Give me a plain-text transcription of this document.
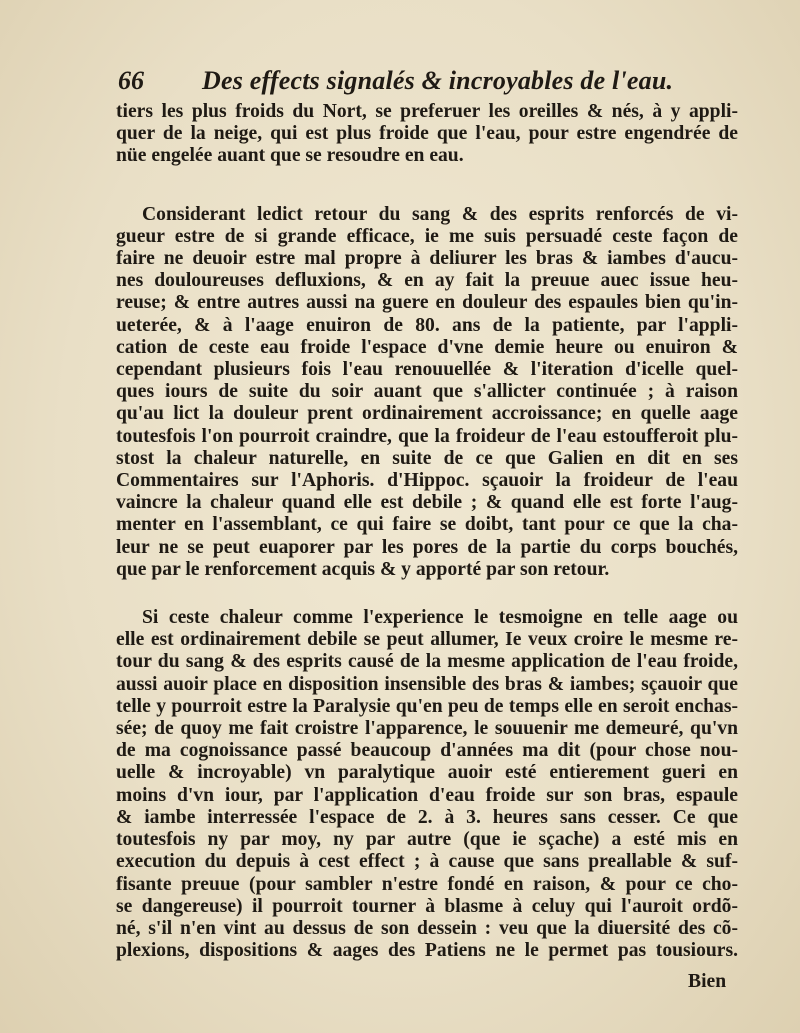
66 Des effects signalés & incroyables de l'eau.
tiers les plus froids du Nort, se preferuer les oreilles & nés, à y appli-
quer de la neige, qui est plus froide que l'eau, pour estre engendrée de
nüe engelée auant que se resoudre en eau.
Considerant ledict retour du sang & des esprits renforcés de vi-
gueur estre de si grande efficace, ie me suis persuadé ceste façon de
faire ne deuoir estre mal propre à deliurer les bras & iambes d'aucu-
nes douloureuses defluxions, & en ay fait la preuue auec issue heu-
reuse; & entre autres aussi na guere en douleur des espaules bien qu'in-
ueterée, & à l'aage enuiron de 80. ans de la patiente, par l'appli-
cation de ceste eau froide l'espace d'vne demie heure ou enuiron &
cependant plusieurs fois l'eau renouuellée & l'iteration d'icelle quel-
ques iours de suite du soir auant que s'allicter continuée ; à raison
qu'au lict la douleur prent ordinairement accroissance; en quelle aage
toutesfois l'on pourroit craindre, que la froideur de l'eau estoufferoit plu-
stost la chaleur naturelle, en suite de ce que Galien en dit en ses
Commentaires sur l'Aphoris. d'Hippoc. sçauoir la froideur de l'eau
vaincre la chaleur quand elle est debile ; & quand elle est forte l'aug-
menter en l'assemblant, ce qui faire se doibt, tant pour ce que la cha-
leur ne se peut euaporer par les pores de la partie du corps bouchés,
que par le renforcement acquis & y apporté par son retour.
Si ceste chaleur comme l'experience le tesmoigne en telle aage ou
elle est ordinairement debile se peut allumer, Ie veux croire le mesme re-
tour du sang & des esprits causé de la mesme application de l'eau froide,
aussi auoir place en disposition insensible des bras & iambes; sçauoir que
telle y pourroit estre la Paralysie qu'en peu de temps elle en seroit enchas-
sée; de quoy me fait croistre l'apparence, le souuenir me demeuré, qu'vn
de ma cognoissance passé beaucoup d'années ma dit (pour chose nou-
uelle & incroyable) vn paralytique auoir esté entierement gueri en
moins d'vn iour, par l'application d'eau froide sur son bras, espaule
& iambe interressée l'espace de 2. à 3. heures sans cesser. Ce que
toutesfois ny par moy, ny par autre (que ie sçache) a esté mis en
execution du depuis à cest effect ; à cause que sans preallable & suf-
fisante preuue (pour sambler n'estre fondé en raison, & pour ce cho-
se dangereuse) il pourroit tourner à blasme à celuy qui l'auroit ordõ-
né, s'il n'en vint au dessus de son dessein : veu que la diuersité des cõ-
plexions, dispositions & aages des Patiens ne le permet pas tousiours.
Bien
